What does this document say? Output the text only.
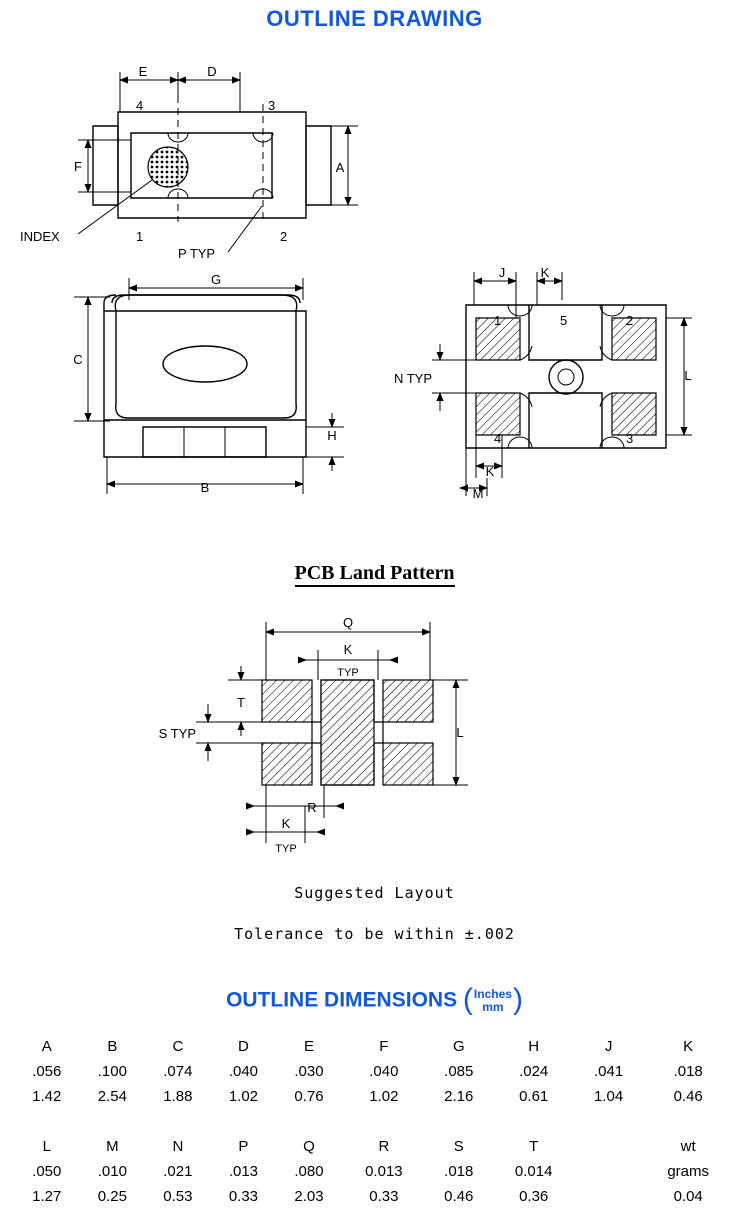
OUTLINE DRAWING
E	D
F	A
4	3
1	2
INDEX
P TYP
G
C
H
B
J	K
L
N TYP
K
M
1	5	2
4	3
PCB Land Pattern
Q
K
TYP
T
L
S TYP
R
K
TYP
Suggested Layout
Tolerance to be within ±.002
OUTLINE DIMENSIONS (Inches
mm )
A	B	C	D	E	F	G	H	J	K
.056	.100	.074	.040	.030	.040	.085	.024	.041	.018
1.42	2.54	1.88	1.02	0.76	1.02	2.16	0.61	1.04	0.46

L	M	N	P	Q	R	S	T		wt
.050	.010	.021	.013	.080	0.013	.018	0.014		grams
1.27	0.25	0.53	0.33	2.03	0.33	0.46	0.36		0.04
